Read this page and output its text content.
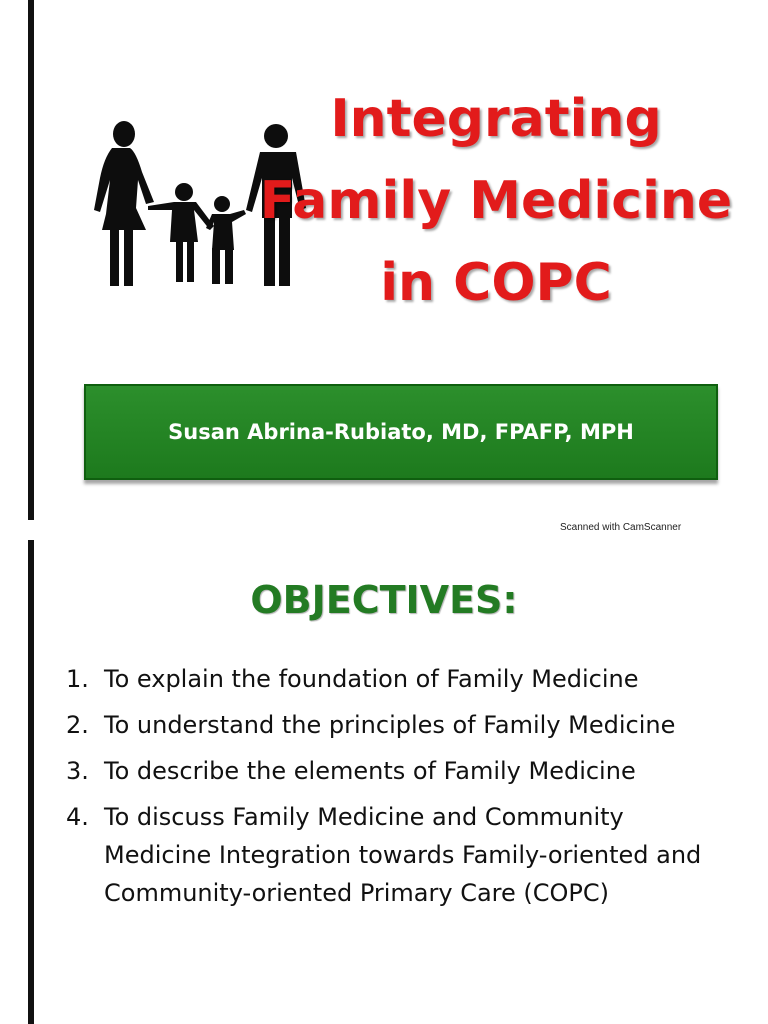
Integrating
Family Medicine
in COPC
Susan Abrina-Rubiato, MD, FPAFP, MPH
Scanned with CamScanner
OBJECTIVES:
1. To explain the foundation of Family Medicine
2. To understand the principles of Family Medicine
3. To describe the elements of Family Medicine
4. To discuss Family Medicine and Community Medicine Integration towards Family-oriented and Community-oriented Primary Care (COPC)
